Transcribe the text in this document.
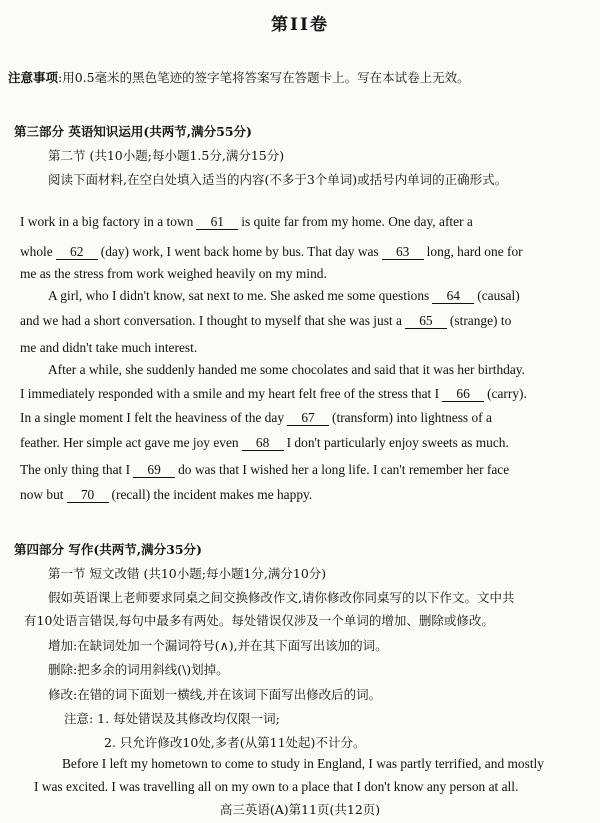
第II卷
注意事项:用0.5毫米的黑色笔迹的签字笔将答案写在答题卡上。写在本试卷上无效。
第三部分 英语知识运用(共两节,满分55分)
第二节 (共10小题;每小题1.5分,满分15分)
阅读下面材料,在空白处填入适当的内容(不多于3个单词)或括号内单词的正确形式。
I work in a big factory in a town 61 is quite far from my home. One day, after a
whole 62 (day) work, I went back home by bus. That day was 63 long, hard one for
me as the stress from work weighed heavily on my mind.
A girl, who I didn't know, sat next to me. She asked me some questions 64 (causal)
and we had a short conversation. I thought to myself that she was just a 65 (strange) to
me and didn't take much interest.
After a while, she suddenly handed me some chocolates and said that it was her birthday.
I immediately responded with a smile and my heart felt free of the stress that I 66 (carry).
In a single moment I felt the heaviness of the day 67 (transform) into lightness of a
feather. Her simple act gave me joy even 68 I don't particularly enjoy sweets as much.
The only thing that I 69 do was that I wished her a long life. I can't remember her face
now but 70 (recall) the incident makes me happy.
第四部分 写作(共两节,满分35分)
第一节 短文改错 (共10小题;每小题1分,满分10分)
假如英语课上老师要求同桌之间交换修改作文,请你修改你同桌写的以下作文。文中共
有10处语言错误,每句中最多有两处。每处错误仅涉及一个单词的增加、删除或修改。
增加:在缺词处加一个漏词符号(∧),并在其下面写出该加的词。
删除:把多余的词用斜线(\)划掉。
修改:在错的词下面划一横线,并在该词下面写出修改后的词。
注意: 1. 每处错误及其修改均仅限一词;
2. 只允许修改10处,多者(从第11处起)不计分。
Before I left my hometown to come to study in England, I was partly terrified, and mostly
I was excited. I was travelling all on my own to a place that I don't know any person at all.
高三英语(A)第11页(共12页)
